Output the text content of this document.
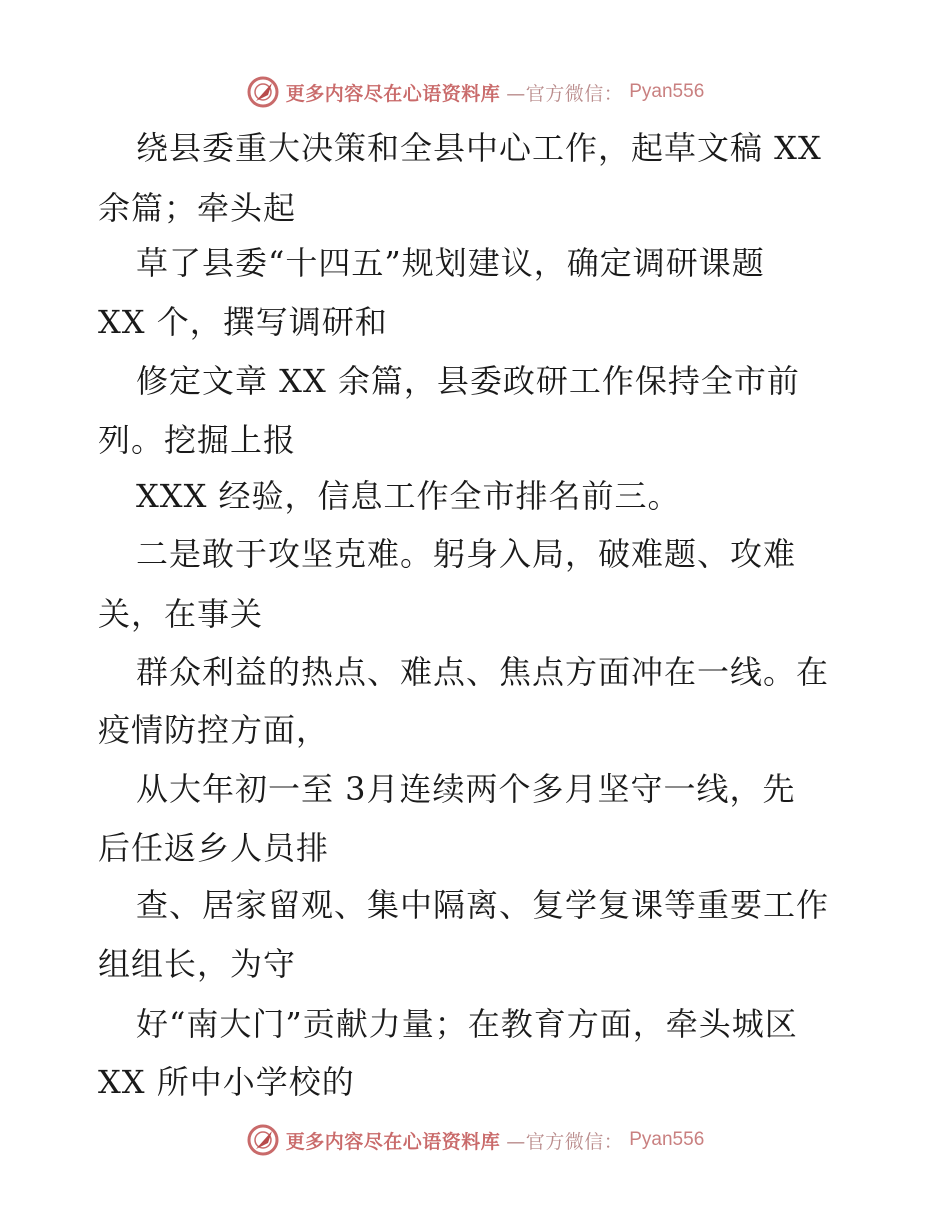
更多内容尽在心语资料库 —官方微信： Pyan556
绕县委重大决策和全县中心工作，起草文稿 XX
余篇；牵头起
草了县委“十四五”规划建议，确定调研课题
XX 个，撰写调研和
修定文章 XX 余篇，县委政研工作保持全市前
列。挖掘上报
XXX 经验，信息工作全市排名前三。
二是敢于攻坚克难。躬身入局，破难题、攻难
关，在事关
群众利益的热点、难点、焦点方面冲在一线。在
疫情防控方面，
从大年初一至 3月连续两个多月坚守一线，先
后任返乡人员排
查、居家留观、集中隔离、复学复课等重要工作
组组长，为守
好“南大门”贡献力量；在教育方面，牵头城区
XX 所中小学校的
更多内容尽在心语资料库 —官方微信： Pyan556
